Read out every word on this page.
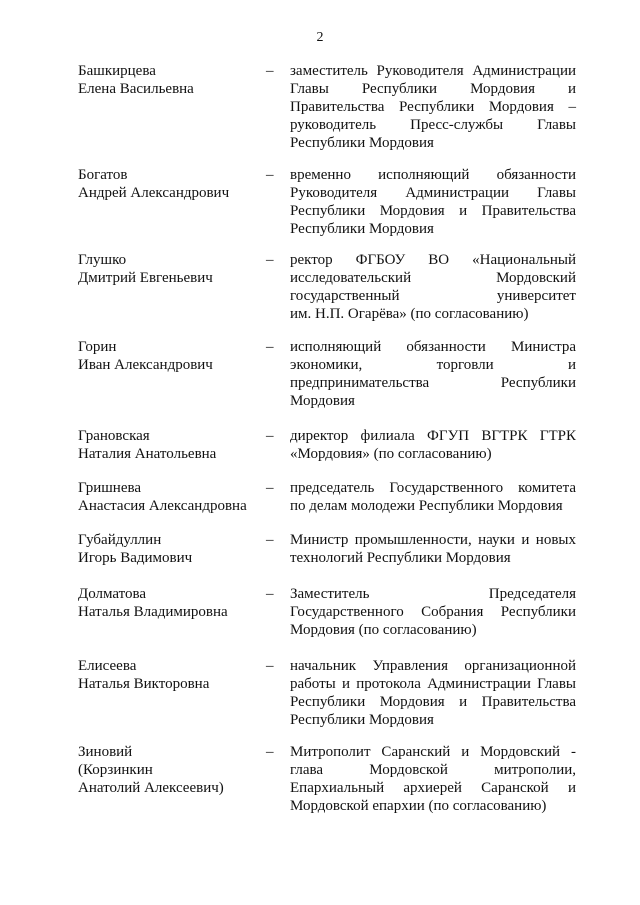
2
Башкирцева
Елена Васильевна
– заместитель Руководителя Администрации
Главы Республики Мордовия и
Правительства Республики Мордовия –
руководитель Пресс-службы Главы
Республики Мордовия
Богатов
Андрей Александрович
– временно исполняющий обязанности
Руководителя Администрации Главы
Республики Мордовия и Правительства
Республики Мордовия
Глушко
Дмитрий Евгеньевич
– ректор ФГБОУ ВО «Национальный
исследовательский Мордовский
государственный университет
им. Н.П. Огарёва» (по согласованию)
Горин
Иван Александрович
– исполняющий обязанности Министра
экономики, торговли и
предпринимательства Республики
Мордовия
Грановская
Наталия Анатольевна
– директор филиала ФГУП ВГТРК ГТРК
«Мордовия» (по согласованию)
Гришнева
Анастасия Александровна
– председатель Государственного комитета
по делам молодежи Республики Мордовия
Губайдуллин
Игорь Вадимович
– Министр промышленности, науки и новых
технологий Республики Мордовия
Долматова
Наталья Владимировна
– Заместитель Председателя
Государственного Собрания Республики
Мордовия (по согласованию)
Елисеева
Наталья Викторовна
– начальник Управления организационной
работы и протокола Администрации Главы
Республики Мордовия и Правительства
Республики Мордовия
Зиновий
(Корзинкин
Анатолий Алексеевич)
– Митрополит Саранский и Мордовский -
глава Мордовской митрополии,
Епархиальный архиерей Саранской и
Мордовской епархии (по согласованию)
